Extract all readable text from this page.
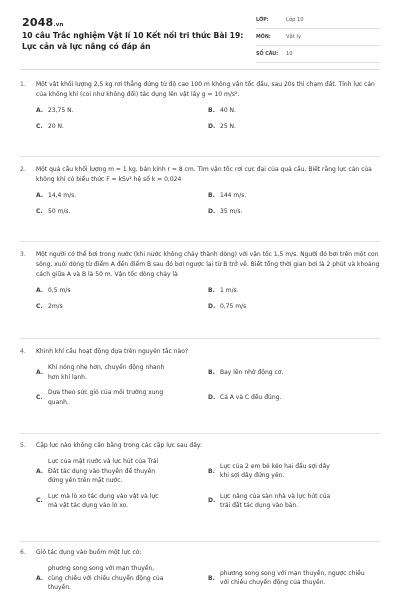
2048.vn
10 câu Trắc nghiệm Vật lí 10 Kết nối tri thức Bài 19: Lực cản và lực nâng có đáp án
LỚP:	Lớp 10
MÔN:	Vật lý
SỐ CÂU:	10
1.	Một vật khối lượng 2,5 kg rơi thẳng đứng từ độ cao 100 m không vận tốc đầu, sau 20s thì chạm đất. Tính lực cản của không khí (coi như không đổi) tác dụng lên vật lấy g = 10 m/s².
A. 23,75 N.	B. 40 N.
C. 20 N.	D. 25 N.
2.	Một quả cầu khối lượng m = 1 kg, bán kính r = 8 cm. Tìm vận tốc rơi cực đại của quả cầu. Biết rằng lực cản của không khí có biểu thức F = kSv² hệ số k = 0,024
A. 14,4 m/s.	B. 144 m/s.
C. 50 m/s.	D. 35 m/s.
3.	Một người có thể bơi trong nước (khi nước không chảy thành dòng) với vận tốc 1,5 m/s. Người đó bơi trên một con sông, xuôi dòng từ điểm A đến điểm B sau đó bơi ngược lại từ B trở về. Biết tổng thời gian bơi là 2 phút và khoảng cách giữa A và B là 50 m. Vận tốc dòng chảy là
A. 0,5 m/s	B. 1 m/s
C. 2m/s	D. 0,75 m/s
4.	Khinh khí cầu hoạt động dựa trên nguyên tắc nào?
A.
Khí nóng nhẹ hơn, chuyển động nhanh hơn khí lạnh.
B. Bay lên nhờ động cơ.
C.
Dựa theo sức gió của môi trường xung quanh.
D. Cả A và C đều đúng.
5.	Cặp lực nào không cân bằng trong các cặp lực sau đây:
A.
Lực của mặt nước và lực hút của Trái Đất tác dụng vào thuyền để thuyền đứng yên trên mặt nước.
B.
Lực của 2 em bé kéo hai đầu sợi dây khi sợi dây đứng yên.
C.
Lực mà lò xo tác dụng vào vật và lực mà vật tác dụng vào lò xo.
D.
Lực nâng của sàn nhà và lực hút của trái đất tác dụng vào bàn.
6.	Gió tác dụng vào buồm một lực có:
A.
phương song song với mạn thuyền, cùng chiều với chiều chuyển động của thuyền.
B.
phương song song với mạn thuyền, ngược chiều với chiều chuyển động của thuyền.
